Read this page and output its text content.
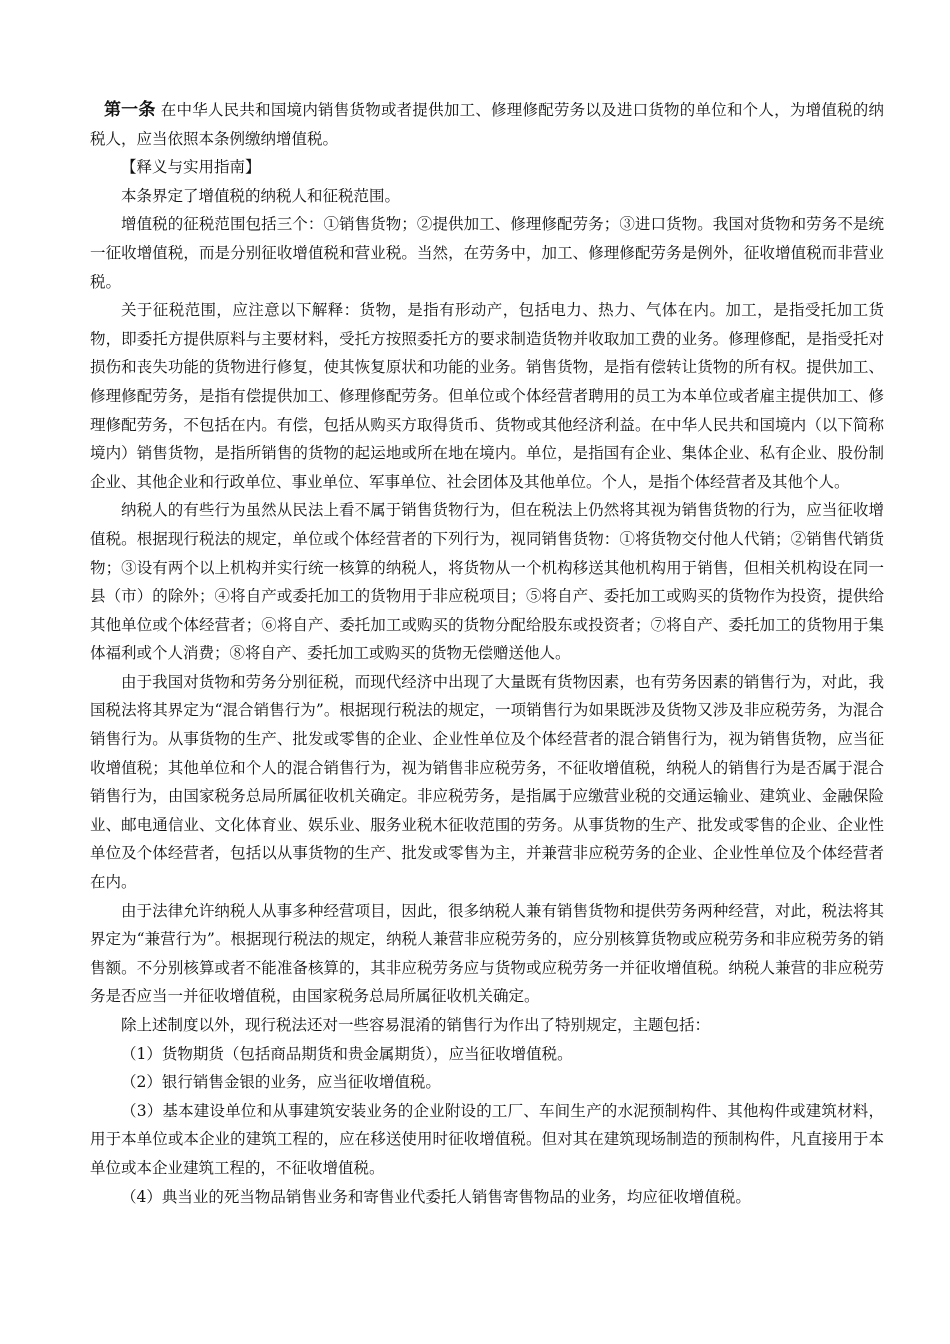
第一条 在中华人民共和国境内销售货物或者提供加工、修理修配劳务以及进口货物的单位和个人，为增值税的纳税人，应当依照本条例缴纳增值税。

【释义与实用指南】

本条界定了增值税的纳税人和征税范围。

增值税的征税范围包括三个：①销售货物；②提供加工、修理修配劳务；③进口货物。我国对货物和劳务不是统一征收增值税，而是分别征收增值税和营业税。当然，在劳务中，加工、修理修配劳务是例外，征收增值税而非营业税。

关于征税范围，应注意以下解释：货物，是指有形动产，包括电力、热力、气体在内。加工，是指受托加工货物，即委托方提供原料与主要材料，受托方按照委托方的要求制造货物并收取加工费的业务。修理修配，是指受托对损伤和丧失功能的货物进行修复，使其恢复原状和功能的业务。销售货物，是指有偿转让货物的所有权。提供加工、修理修配劳务，是指有偿提供加工、修理修配劳务。但单位或个体经营者聘用的员工为本单位或者雇主提供加工、修理修配劳务，不包括在内。有偿，包括从购买方取得货币、货物或其他经济利益。在中华人民共和国境内（以下简称境内）销售货物，是指所销售的货物的起运地或所在地在境内。单位，是指国有企业、集体企业、私有企业、股份制企业、其他企业和行政单位、事业单位、军事单位、社会团体及其他单位。个人，是指个体经营者及其他个人。

纳税人的有些行为虽然从民法上看不属于销售货物行为，但在税法上仍然将其视为销售货物的行为，应当征收增值税。根据现行税法的规定，单位或个体经营者的下列行为，视同销售货物：①将货物交付他人代销；②销售代销货物；③设有两个以上机构并实行统一核算的纳税人，将货物从一个机构移送其他机构用于销售，但相关机构设在同一县（市）的除外；④将自产或委托加工的货物用于非应税项目；⑤将自产、委托加工或购买的货物作为投资，提供给其他单位或个体经营者；⑥将自产、委托加工或购买的货物分配给股东或投资者；⑦将自产、委托加工的货物用于集体福利或个人消费；⑧将自产、委托加工或购买的货物无偿赠送他人。

由于我国对货物和劳务分别征税，而现代经济中出现了大量既有货物因素，也有劳务因素的销售行为，对此，我国税法将其界定为“混合销售行为”。根据现行税法的规定，一项销售行为如果既涉及货物又涉及非应税劳务，为混合销售行为。从事货物的生产、批发或零售的企业、企业性单位及个体经营者的混合销售行为，视为销售货物，应当征收增值税；其他单位和个人的混合销售行为，视为销售非应税劳务，不征收增值税，纳税人的销售行为是否属于混合销售行为，由国家税务总局所属征收机关确定。非应税劳务，是指属于应缴营业税的交通运输业、建筑业、金融保险业、邮电通信业、文化体育业、娱乐业、服务业税木征收范围的劳务。从事货物的生产、批发或零售的企业、企业性单位及个体经营者，包括以从事货物的生产、批发或零售为主，并兼营非应税劳务的企业、企业性单位及个体经营者在内。

由于法律允许纳税人从事多种经营项目，因此，很多纳税人兼有销售货物和提供劳务两种经营，对此，税法将其界定为“兼营行为”。根据现行税法的规定，纳税人兼营非应税劳务的，应分别核算货物或应税劳务和非应税劳务的销售额。不分别核算或者不能准备核算的，其非应税劳务应与货物或应税劳务一并征收增值税。纳税人兼营的非应税劳务是否应当一并征收增值税，由国家税务总局所属征收机关确定。

除上述制度以外，现行税法还对一些容易混淆的销售行为作出了特别规定，主题包括：

（1）货物期货（包括商品期货和贵金属期货），应当征收增值税。

（2）银行销售金银的业务，应当征收增值税。

（3）基本建设单位和从事建筑安装业务的企业附设的工厂、车间生产的水泥预制构件、其他构件或建筑材料，用于本单位或本企业的建筑工程的，应在移送使用时征收增值税。但对其在建筑现场制造的预制构件，凡直接用于本单位或本企业建筑工程的，不征收增值税。

（4）典当业的死当物品销售业务和寄售业代委托人销售寄售物品的业务，均应征收增值税。
